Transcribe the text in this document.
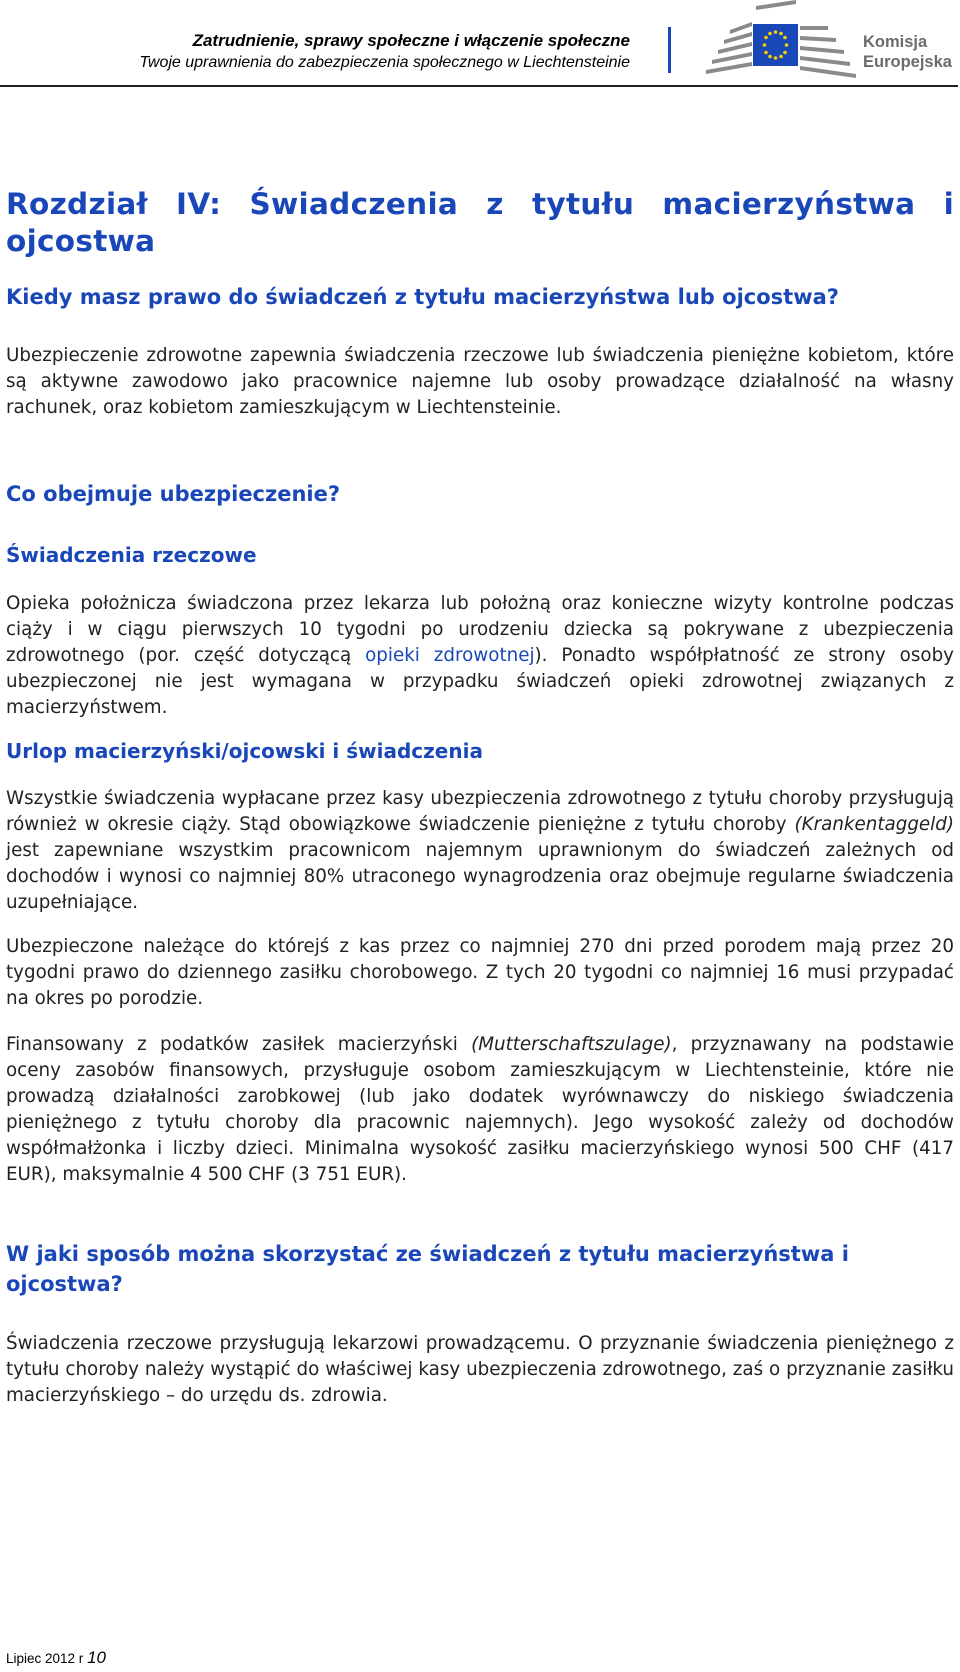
Zatrudnienie, sprawy społeczne i włączenie społeczne
Twoje uprawnienia do zabezpieczenia społecznego w Liechtensteinie
Komisja
Europejska
Rozdział IV: Świadczenia z tytułu macierzyństwa i ojcostwa
Kiedy masz prawo do świadczeń z tytułu macierzyństwa lub ojcostwa?
Ubezpieczenie zdrowotne zapewnia świadczenia rzeczowe lub świadczenia pieniężne kobietom, które są aktywne zawodowo jako pracownice najemne lub osoby prowadzące działalność na własny rachunek, oraz kobietom zamieszkującym w Liechtensteinie.
Co obejmuje ubezpieczenie?
Świadczenia rzeczowe
Opieka położnicza świadczona przez lekarza lub położną oraz konieczne wizyty kontrolne podczas ciąży i w ciągu pierwszych 10 tygodni po urodzeniu dziecka są pokrywane z ubezpieczenia zdrowotnego (por. część dotyczącą opieki zdrowotnej). Ponadto współpłatność ze strony osoby ubezpieczonej nie jest wymagana w przypadku świadczeń opieki zdrowotnej związanych z macierzyństwem.
Urlop macierzyński/ojcowski i świadczenia
Wszystkie świadczenia wypłacane przez kasy ubezpieczenia zdrowotnego z tytułu choroby przysługują również w okresie ciąży. Stąd obowiązkowe świadczenie pieniężne z tytułu choroby (Krankentaggeld) jest zapewniane wszystkim pracownicom najemnym uprawnionym do świadczeń zależnych od dochodów i wynosi co najmniej 80% utraconego wynagrodzenia oraz obejmuje regularne świadczenia uzupełniające.
Ubezpieczone należące do którejś z kas przez co najmniej 270 dni przed porodem mają przez 20 tygodni prawo do dziennego zasiłku chorobowego. Z tych 20 tygodni co najmniej 16 musi przypadać na okres po porodzie.
Finansowany z podatków zasiłek macierzyński (Mutterschaftszulage), przyznawany na podstawie oceny zasobów finansowych, przysługuje osobom zamieszkującym w Liechtensteinie, które nie prowadzą działalności zarobkowej (lub jako dodatek wyrównawczy do niskiego świadczenia pieniężnego z tytułu choroby dla pracownic najemnych). Jego wysokość zależy od dochodów współmałżonka i liczby dzieci. Minimalna wysokość zasiłku macierzyńskiego wynosi 500 CHF (417 EUR), maksymalnie 4 500 CHF (3 751 EUR).
W jaki sposób można skorzystać ze świadczeń z tytułu macierzyństwa i ojcostwa?
Świadczenia rzeczowe przysługują lekarzowi prowadzącemu. O przyznanie świadczenia pieniężnego z tytułu choroby należy wystąpić do właściwej kasy ubezpieczenia zdrowotnego, zaś o przyznanie zasiłku macierzyńskiego – do urzędu ds. zdrowia.
Lipiec 2012 r 10
